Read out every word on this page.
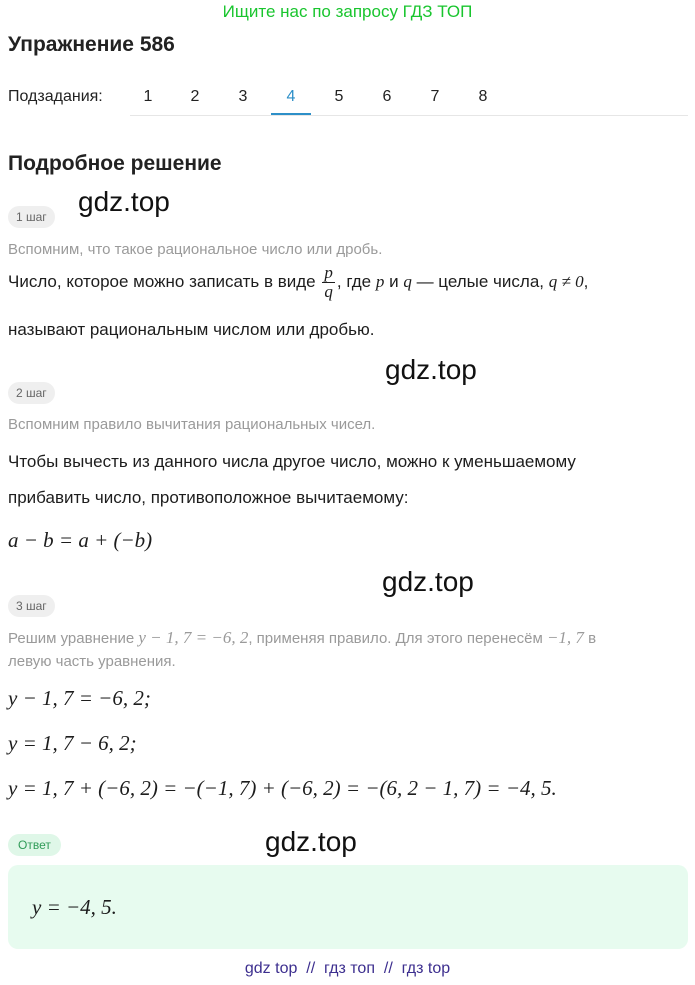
Ищите нас по запросу ГДЗ ТОП
Упражнение 586
Подзадания:	1	2	3	4	5	6	7	8
Подробное решение
gdz.top
1 шаг
Вспомним, что такое рациональное число или дробь.
Число, которое можно записать в виде $\frac{p}{q}$ , где p и q — целые числа, q ≠ 0,
называют рациональным числом или дробью.
gdz.top
2 шаг
Вспомним правило вычитания рациональных чисел.
Чтобы вычесть из данного числа другое число, можно к уменьшаемому
прибавить число, противоположное вычитаемому:
a − b = a + (−b)
gdz.top
3 шаг
Решим уравнение y − 1, 7 = −6, 2, применяя правило. Для этого перенесём −1, 7 в
левую часть уравнения.
y − 1, 7 = −6, 2;
y = 1, 7 − 6, 2;
y = 1, 7 + (−6, 2) = −(−1, 7) + (−6, 2) = −(6, 2 − 1, 7) = −4, 5.
gdz.top
Ответ
y = −4, 5.
gdz top  //  гдз топ  //  гдз top
